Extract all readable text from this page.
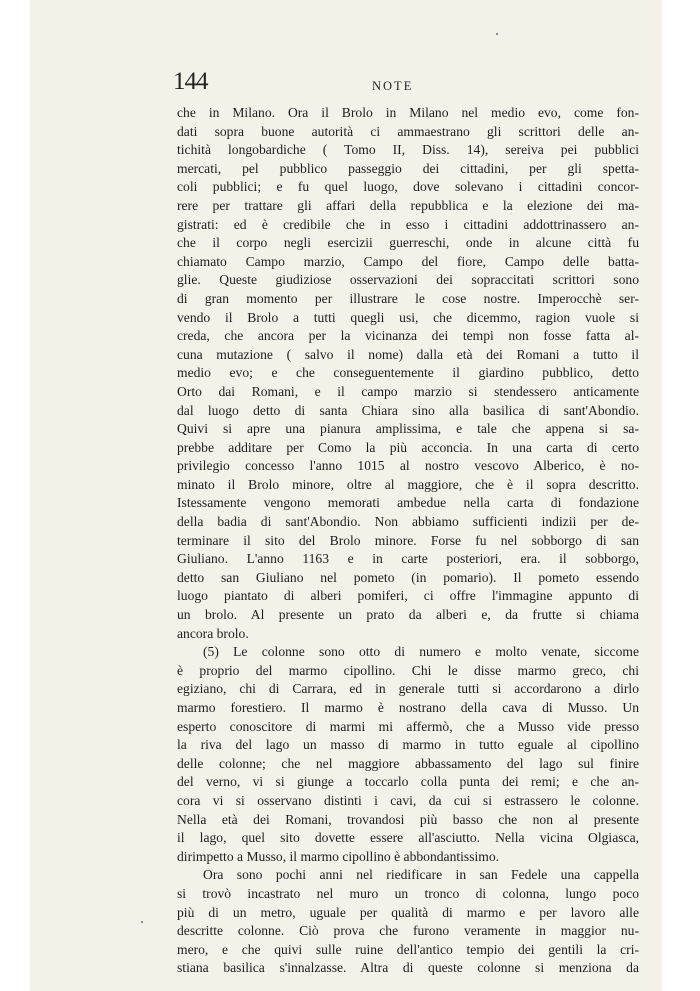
144	NOTE
che in Milano. Ora il Brolo in Milano nel medio evo, come fon-
dati sopra buone autorità ci ammaestrano gli scrittori delle an-
tichità longobardiche ( Tomo II, Diss. 14), sereiva pei pubblici
mercati, pel pubblico passeggio dei cittadini, per gli spetta-
coli pubblici; e fu quel luogo, dove solevano i cittadini concor-
rere per trattare gli affari della repubblica e la elezione dei ma-
gistrati: ed è credibile che in esso i cittadini addottrinassero an-
che il corpo negli esercizii guerreschi, onde in alcune città fu
chiamato Campo marzio, Campo del fiore, Campo delle batta-
glie. Queste giudiziose osservazioni dei sopraccitati scrittori sono
di gran momento per illustrare le cose nostre. Imperocchè ser-
vendo il Brolo a tutti quegli usi, che dicemmo, ragion vuole si
creda, che ancora per la vicinanza dei tempi non fosse fatta al-
cuna mutazione ( salvo il nome) dalla età dei Romani a tutto il
medio evo; e che conseguentemente il giardino pubblico, detto
Orto dai Romani, e il campo marzio si stendessero anticamente
dal luogo detto di santa Chiara sino alla basilica di sant'Abondio.
Quivi si apre una pianura amplissima, e tale che appena si sa-
prebbe additare per Como la più acconcia. In una carta di certo
privilegio concesso l'anno 1015 al nostro vescovo Alberico, è no-
minato il Brolo minore, oltre al maggiore, che è il sopra descritto.
Istessamente vengono memorati ambedue nella carta di fondazione
della badia di sant'Abondio. Non abbiamo sufficienti indizii per de-
terminare il sito del Brolo minore. Forse fu nel sobborgo di san
Giuliano. L'anno 1163 e in carte posteriori, era. il sobborgo,
detto san Giuliano nel pometo (in pomario). Il pometo essendo
luogo piantato di alberi pomiferi, ci offre l'immagine appunto di
un brolo. Al presente un prato da alberi e, da frutte si chiama
ancora brolo.
(5) Le colonne sono otto di numero e molto venate, siccome
è proprio del marmo cipollino. Chi le disse marmo greco, chi
egiziano, chi di Carrara, ed in generale tutti si accordarono a dirlo
marmo forestiero. Il marmo è nostrano della cava di Musso. Un
esperto conoscitore di marmi mi affermò, che a Musso vide presso
la riva del lago un masso di marmo in tutto eguale al cipollino
delle colonne; che nel maggiore abbassamento del lago sul finire
del verno, vi si giunge a toccarlo colla punta dei remi; e che an-
cora vi si osservano distinti i cavi, da cui si estrassero le colonne.
Nella età dei Romani, trovandosi più basso che non al presente
il lago, quel sito dovette essere all'asciutto. Nella vicina Olgiasca,
dirimpetto a Musso, il marmo cipollino è abbondantissimo.
Ora sono pochi anni nel riedificare in san Fedele una cappella
si trovò incastrato nel muro un tronco di colonna, lungo poco
più di un metro, uguale per qualità di marmo e per lavoro alle
descritte colonne. Ciò prova che furono veramente in maggior nu-
mero, e che quivi sulle ruine dell'antico tempio dei gentili la cri-
stiana basilica s'innalzasse. Altra di queste colonne si menziona da
